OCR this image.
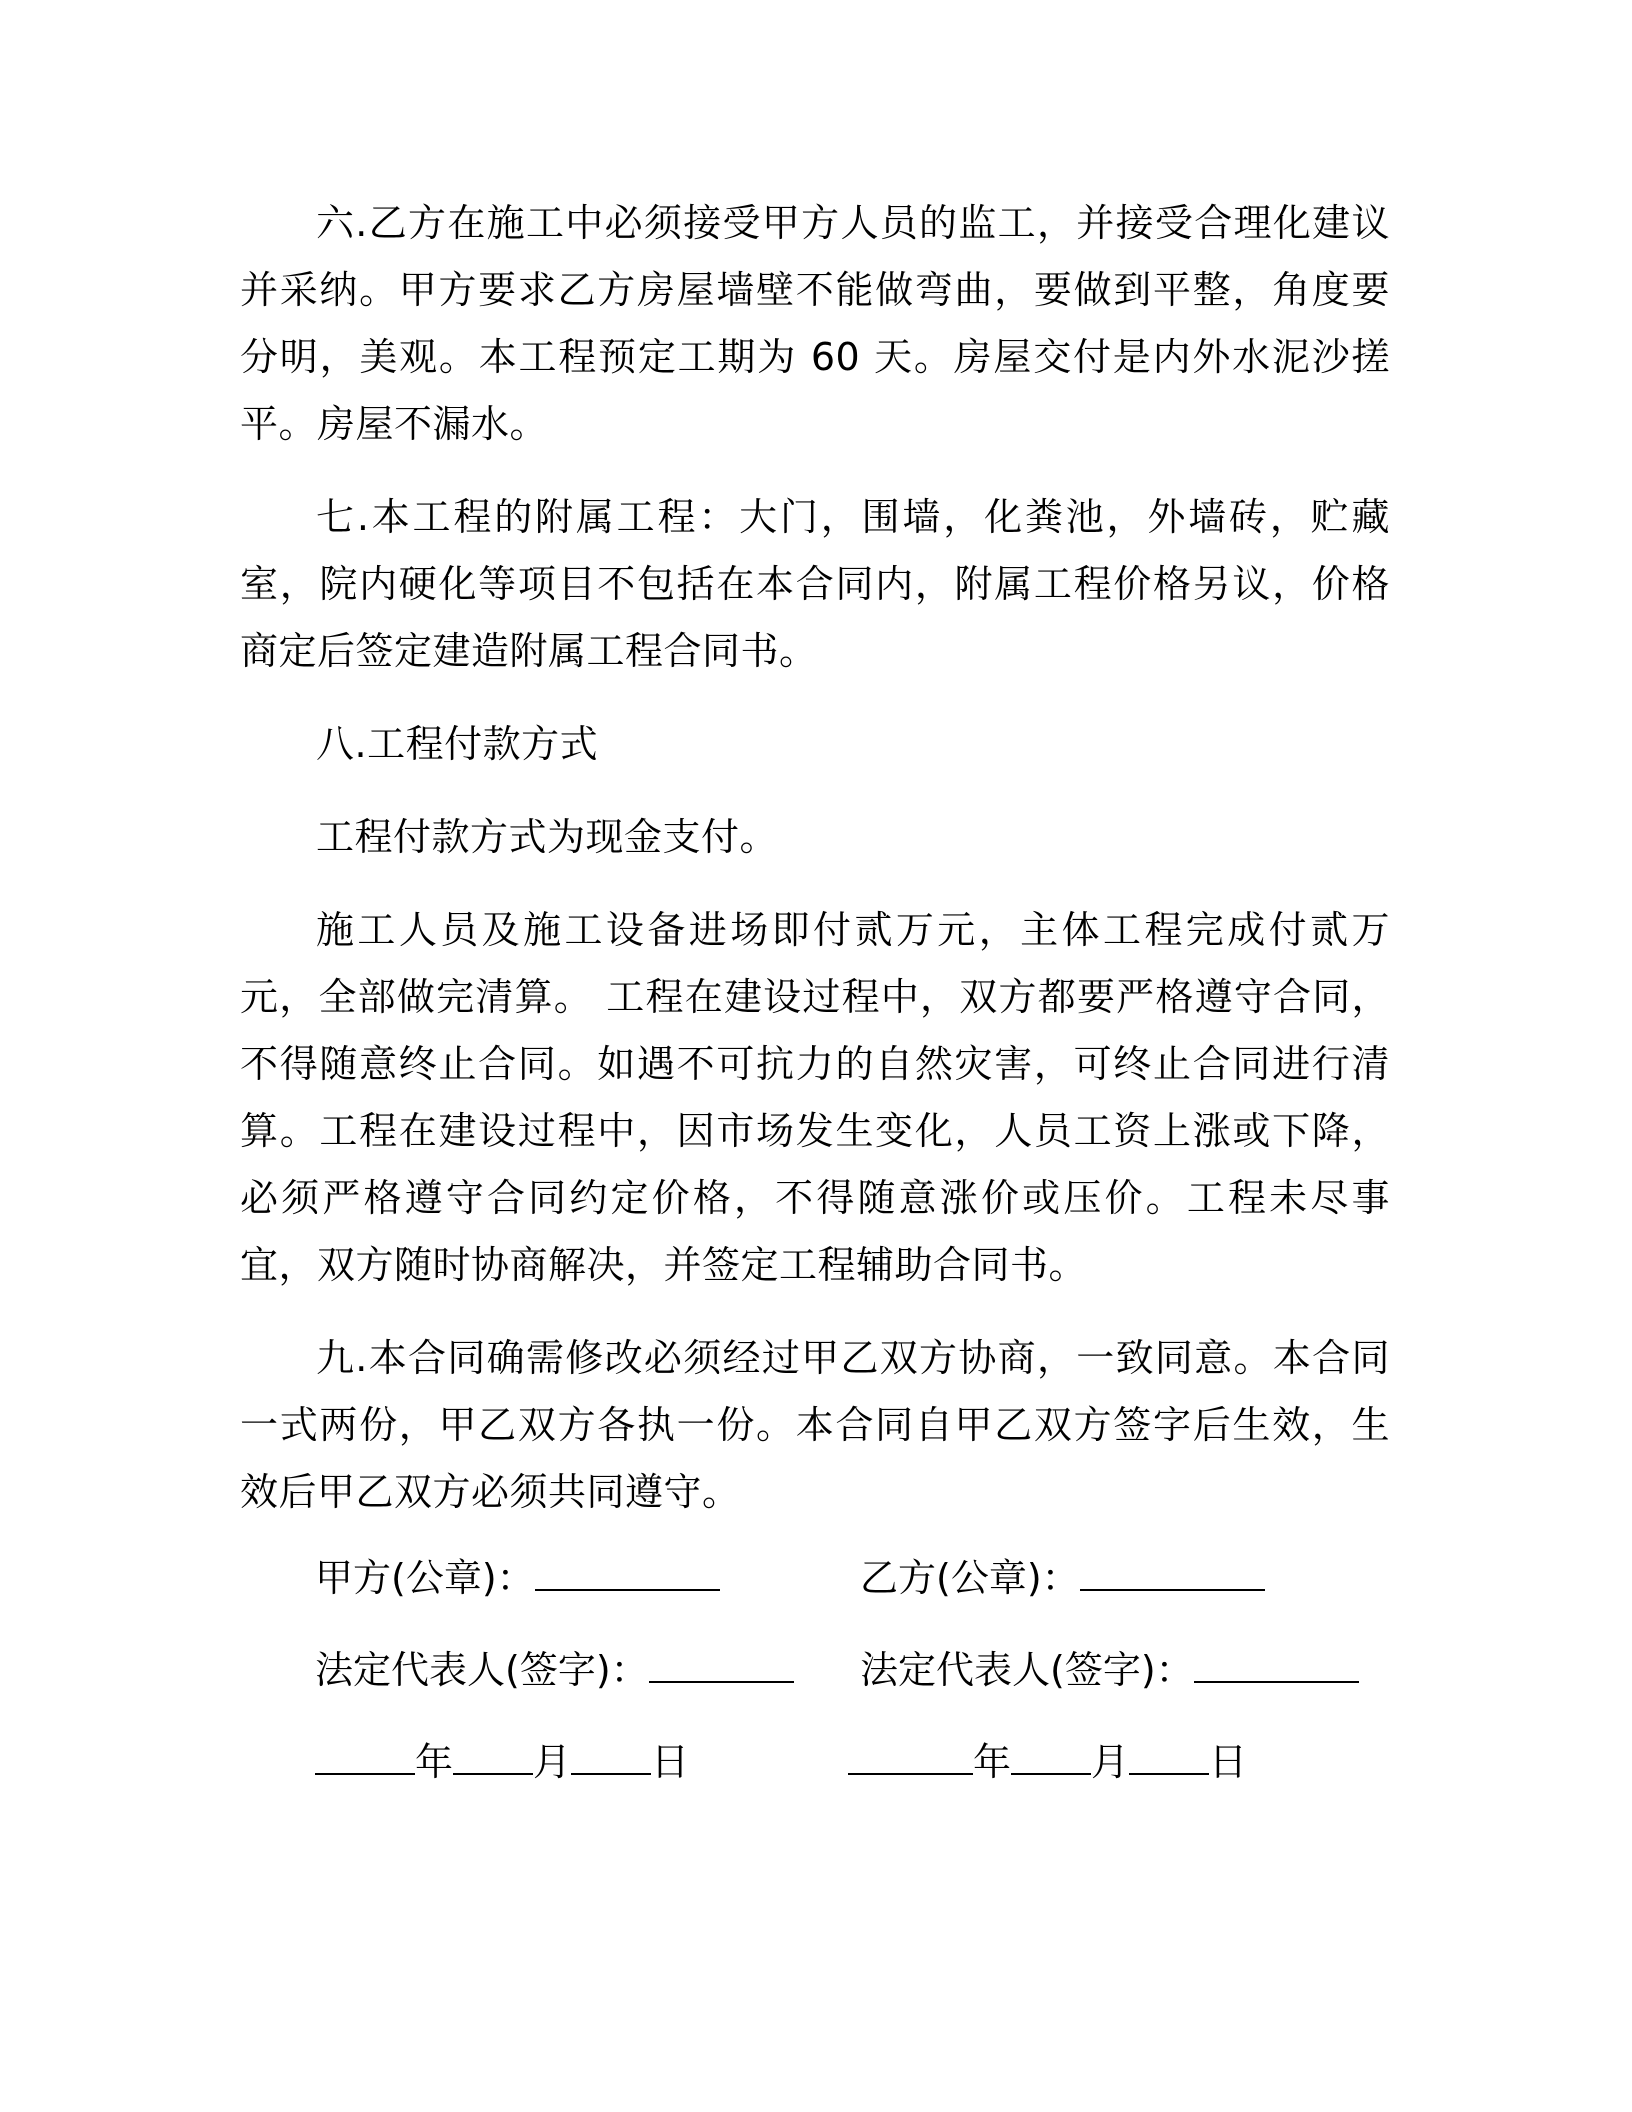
六.乙方在施工中必须接受甲方人员的监工，并接受合理化建议并采纳。甲方要求乙方房屋墙壁不能做弯曲，要做到平整，角度要分明，美观。本工程预定工期为 60 天。房屋交付是内外水泥沙搓平。房屋不漏水。

七.本工程的附属工程：大门，围墙，化粪池，外墙砖，贮藏室，院内硬化等项目不包括在本合同内，附属工程价格另议，价格商定后签定建造附属工程合同书。

八.工程付款方式

工程付款方式为现金支付。

施工人员及施工设备进场即付贰万元，主体工程完成付贰万元，全部做完清算。 工程在建设过程中，双方都要严格遵守合同，不得随意终止合同。如遇不可抗力的自然灾害，可终止合同进行清算。工程在建设过程中，因市场发生变化，人员工资上涨或下降，必须严格遵守合同约定价格，不得随意涨价或压价。工程未尽事宜，双方随时协商解决，并签定工程辅助合同书。

九.本合同确需修改必须经过甲乙双方协商，一致同意。本合同一式两份，甲乙双方各执一份。本合同自甲乙双方签字后生效，生效后甲乙双方必须共同遵守。

甲方(公章)：	乙方(公章)：
法定代表人(签字)：	法定代表人(签字)：
年 月 日	年 月 日
